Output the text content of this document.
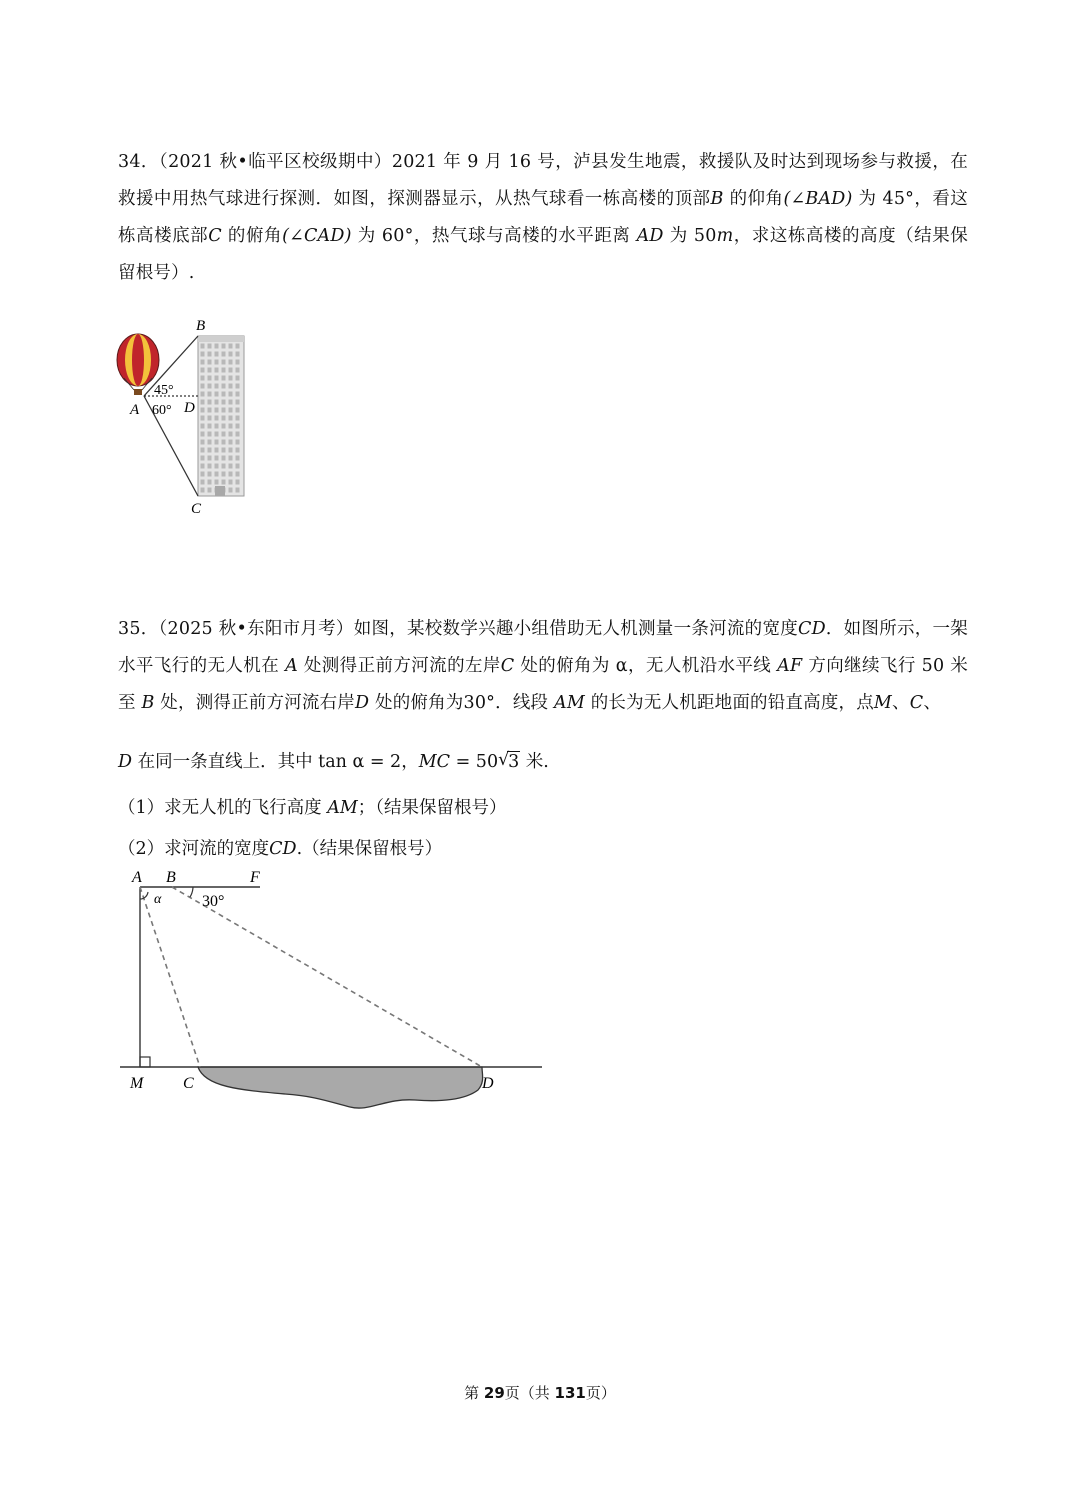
34．（2021 秋•临平区校级期中）2021 年 9 月 16 号，泸县发生地震，救援队及时达到现场参与救援，在救援中用热气球进行探测．如图，探测器显示，从热气球看一栋高楼的顶部B 的仰角(∠BAD) 为 45°，看这栋高楼底部C 的俯角(∠CAD) 为 60°，热气球与高楼的水平距离 AD 为 50m，求这栋高楼的高度（结果保留根号）.
B
A	D
C
45°
60°
35．（2025 秋•东阳市月考）如图，某校数学兴趣小组借助无人机测量一条河流的宽度CD．如图所示，一架水平飞行的无人机在 A 处测得正前方河流的左岸C 处的俯角为 α，无人机沿水平线 AF 方向继续飞行 50 米至 B 处，测得正前方河流右岸D 处的俯角为30°．线段 AM 的长为无人机距地面的铅直高度，点M、C、
D 在同一条直线上．其中 tan α = 2，MC = 50 √
3 米.
（1）求无人机的飞行高度 AM；（结果保留根号）
（2）求河流的宽度CD.（结果保留根号）
A B	F
α	30°
M C	D
第 29页（共 131页）
